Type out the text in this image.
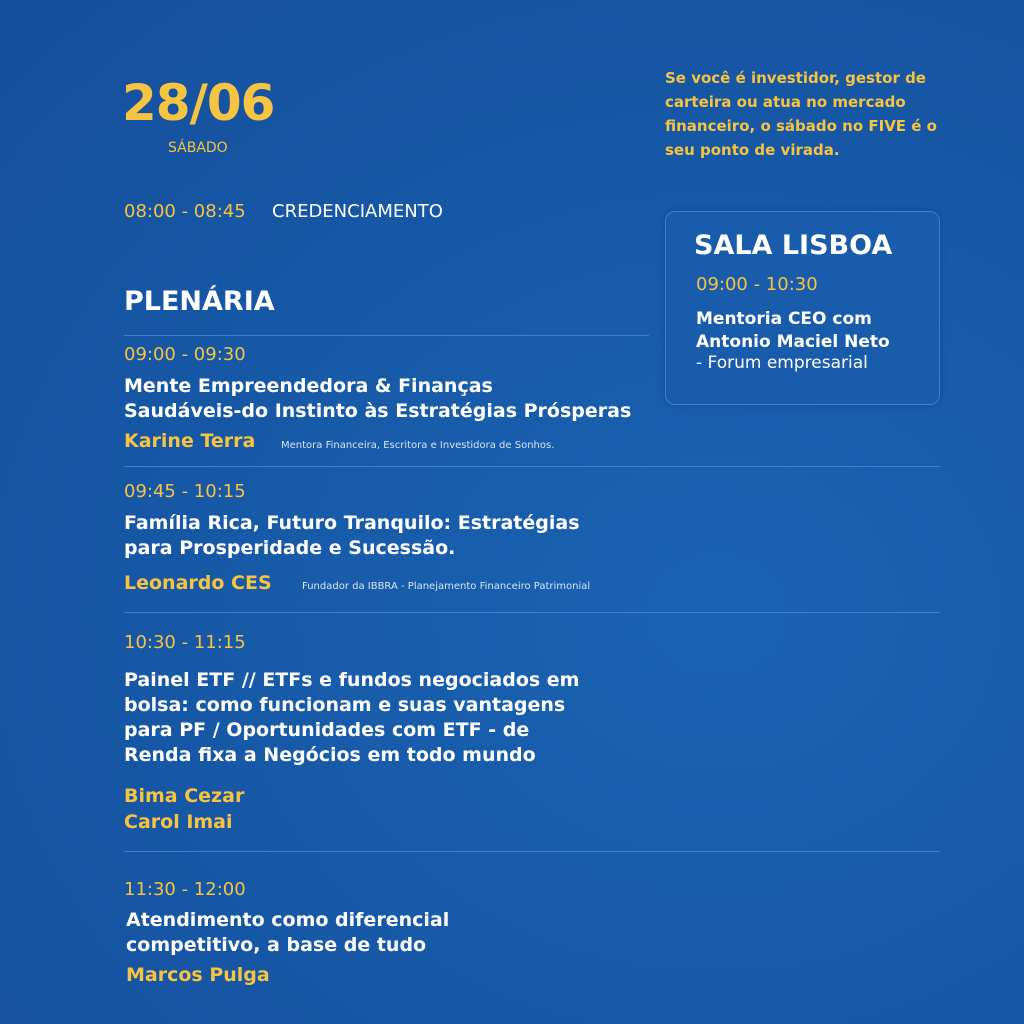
28/06
SÁBADO
Se você é investidor, gestor de carteira ou atua no mercado financeiro, o sábado no FIVE é o seu ponto de virada.
08:00 - 08:45 CREDENCIAMENTO
PLENÁRIA
09:00 - 09:30
Mente Empreendedora & Finanças
Saudáveis-do Instinto às Estratégias Prósperas
Karine Terra	Mentora Financeira, Escritora e Investidora de Sonhos.
09:45 - 10:15
Família Rica, Futuro Tranquilo: Estratégias
para Prosperidade e Sucessão.
Leonardo CES	Fundador da IBBRA - Planejamento Financeiro Patrimonial
10:30 - 11:15
Painel ETF // ETFs e fundos negociados em
bolsa: como funcionam e suas vantagens
para PF / Oportunidades com ETF - de
Renda fixa a Negócios em todo mundo
Bima Cezar
Carol Imai
11:30 - 12:00
Atendimento como diferencial
competitivo, a base de tudo
Marcos Pulga
SALA LISBOA
09:00 - 10:30
Mentoria CEO com
Antonio Maciel Neto
- Forum empresarial
